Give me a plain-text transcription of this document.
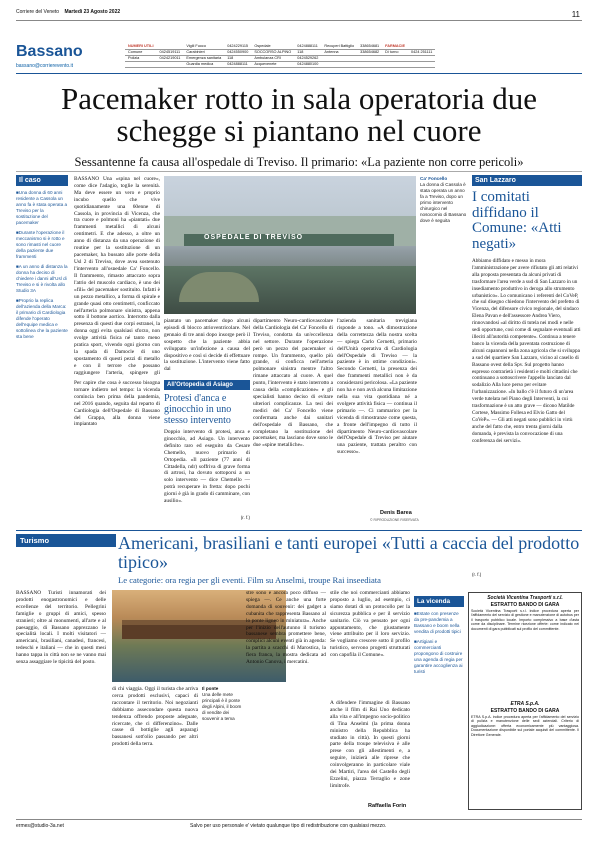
Corriere del Veneto Martedì 23 Agosto 2022	11
Bassano
bassano@corrierevento.it
NUMERI UTILI		Vigili Fuoco	0424229115	Ospedale	0424888111	Recuperi Battiglio	338654681	FARMACIE	
Comune	0424519111	Carabinieri	0424550900	SOCCORSO ALPINO	118	Antenna	338654682	Di turno	0424 251111
Polizia	0424219011	Emergenza sanitaria	118	Ambulanza CRI	0424529262				
		Guardia medica	0424888111	Acquevenete	0424880100				
Pacemaker rotto in sala operatoria due schegge si piantano nel cuore
Sessantenne fa causa all'ospedale di Treviso. Il primario: «La paziente non corre pericoli»
Il caso
■ Una donna di 60 anni residente a Cassola un anno fa è stata operata a Treviso per la sostituzione del pacemaker
■ Durante l'operazione il meccanismo si è rotto e sono rimasti nel cuore della paziente due frammenti
■ A un anno di distanza la donna ha deciso di chiedere i danni all'Usl di Treviso e si è rivolta allo Studio 3A
■ Proprio la replica dell'azienda della Marca: il primario di Cardiologia difende l'operato dell'equipe medica e sottolinea che la paziente sta bene
BASSANO Una «spina nel cuore», come dice l'adagio, toglie la serenità. Ma deve essere un vero e proprio incubo quello che vive quotidianamente una 60enne di Cassola, in provincia di Vicenza, che tra cuore e polmoni ha «piantati» due frammenti metallici di alcuni centimetri. E che adesso, a oltre un anno di distanza da una operazione di routine per la sostituzione di un pacemaker, ha bussato alle porte della Usl 2 di Treviso, dove avea sostenuto l'intervento all'ospedale Ca' Foncello,
Il frammento, rimasto attaccato sopra l'atrio del muscolo cardiaco, è uno dei «fili» del pacemaker sostituito. Infatti è un pezzo metallico, a forma di spirale e grande quasi otto centimetri, conficcato nell'arteria polmonare sinistra, appena sotto il bottone aortico. Interrotto dalla presenza di questi due corpi estranei, la donna oggi evita qualsiasi sforzo, non svolge attività fisica né tanto meno pratica sport, vivendo ogni giorno con la spada di Damocle di uno spostamento di questi pezzi di metallo e con il terrore che possano raggiungere l'arteria, spingere gli
Per capire che cosa è successo bisogna tornare indietro nel tempo: la vicenda comincia ben prima della pandemia, nel 2016 quando, seguita dal reparto di Cardiologia dell'Ospedale di Bassano del Grappa, alla donna viene impiantato
OSPEDALE DI TREVISO
Ca' Foncello
La donna di Cassola è stata operata un anno fa a Treviso, dopo un primo intervento chirurgico nel nosocomio di Bassano dove è seguita
piantato un pacemaker dopo alcuni episodi di blocco atrioventricolare. Nel gennaio di tre anni dopo insorge però il sospetto che la paziente abbia sviluppato un'infezione a causa del dispositivo e così si decide di effettuare la sostituzione. L'intervento viene fatto dal
dipartimento Neuro-cardiovascolare della Cardiologia del Ca' Foncello di Treviso, condotta da un'eccellenza nel settore. Durante l'operazione però un pezzo del pacemaker si rompe. Un frammento, quello più grande, si conficca nell'arteria polmonare sinistra mentre l'altro rimane attaccato al cuore. A quel punto, l'intervento è stato interrotto a causa della «complicazione» e gli specialisti hanno deciso di evitare ulteriori complicanze. La tesi dei medici del Ca' Foncello viene confermata anche dai sanitari dell'ospedale di Bassano, che completano la sostituzione del pacemaker, ma lasciano dove sono le due «spine metalliche».
l'azienda sanitaria trevigiana risponde a tono. «A dimostrazione della correttezza della nostra scelta — spiega Carlo Cernetti, primario dell'Unità operativa di Cardiologia dell'Ospedale di Treviso — la paziente è in ottime condizioni». Secondo Cernetti, la presenza dei due frammenti metallici non è da considerarsi pericolosa. «La paziente non ha e non avrà alcuna limitazione nella sua vita quotidiana né a svolgere attività fisica — continua il primario —. Ci rammarico per la vicenda di rimostranze come questa, a fronte dell'impegno di tutto il dipartimento Neuro-cardiovascolare dell'Ospedale di Treviso per aiutare una paziente, trattata peraltro con successo».
Denis Barea
© RIPRODUZIONE RISERVATA
All'Ortopedia di Asiago
Protesi d'anca e ginocchio in uno stesso intervento
Doppio intervento di protesi, anca e ginocchio, ad Asiago. Un intervento definito raro ed eseguito da Cesare Chemello, nuovo primario di Ortopedia. «Il paziente (77 anni di Cittadella, ndr) soffriva di grave forma di artrosi, ha dovuto sottoporsi a un solo intervento — dice Chemello — potrà recuperare in fretta: dopo pochi giorni è già in grado di camminare, con ausilio».
(r. f.)
San Lazzaro
I comitati diffidano il Comune: «Atti negati»
Abbiamo diffidato e messo in mora l'amministrazione per avere rifiutato gli atti relativi alla proposta presentata da alcuni privati di trasformare l'area verde a sud di San Lazzaro in un insediamento produttivo in deroga allo strumento urbanistico». Lo comunicano i referenti del CoVeP, che sul disegno chiedono l'intervento del prefetto di Vicenza, del difensore civico regionale, del sindaco Elena Pavan e dell'assessore Andrea Viero, rinnovandosi «al diritto di tutela nei modi e nelle sedi opportune, così come di segnalare eventuali atti illeciti all'autorità competente». Continua a tenere banco la vicenda della paventata costruzione di alcuni capannoni nella zona agricola che si sviluppa a sud del quartiere San Lazzaro, vicino al casello di Bassano ovest della Spv. Sul progetto hanno espresso contrarietà i residenti e molti cittadini che continuano a sottoscrivere l'appello lanciato dal sodalizio Alla luce perso per evitare l'urbanizzazione. «In ballo c'è il futuro di un'area verde tutelata nel Piano degli Interventi, la cui trasformazione è un atto grave — dicono Matilde Cortese, Massimo Follesa ed Elvio Gatto del CoVeP». — Gli atti negati sono pubblici in virtù anche del fatto che, entro trenta giorni dalla domanda, è prevista la convocazione di una conferenza dei servizi».
(r. f.)
Turismo	Americani, brasiliani e tanti europei «Tutti a caccia del prodotto tipico»
Le categorie: ora regia per gli eventi. Film su Anselmi, troupe Rai inseediata
BASSANO Turisti innamorati dei prodotti enogastronomici e delle eccellenze del territorio. Pellegrini famiglie o gruppi di amici, spesso stranieri; oltre ai monumenti, all'arte e al paesaggio, di Bassano apprezzano le specialità locali. I molti visitatori — americani, brasiliani, canadesi, francesi, tedeschi e italiani — che in questi mesi hanno tappa in città non se ne vanno mai senza assaggiare le tipicità del posto.
di chi viaggia. Oggi il turista che arriva cerca prodotti esclusivi, capaci di raccontare il territorio. Noi negozianti dobbiamo assecondare questa nuova tendenza offrendo proposte adeguate, ricercate, che ci differenzino». Dalle casse di bottiglie agli asparagi bassanesi sott'olio passando per altri prodotti della terra.
Il ponte
Una delle mete principali è il ponte degli Alpini, il boom di vendite dei souvenir a tema
stre sono e ancora poco diffuso — spiega —. Ce anche una forte domanda di souvenir: dei gadget a cubanita che rappresenta Bassano al lo ponte ligneo in miniatura». Anche per l'inizio dell'autunno il turismo bassanese sembra promettere bene, complici alcuni eventi già in agenda: la partita a scacchi di Marostica, la fiera franca, la mostra dedicata ad Antonio Canova, i mercatini.
stile che noi commercianti abbiamo proposto a luglio, ad esempio, ci siamo dotati di un protocollo per la sicurezza pubblica e per il servizio sanitario. Ciò va pensato per ogni appuntamento, che giustamente viene attribuito per il loro servizio. Se vogliamo crescere sotto il profilo turistico, servono progetti strutturati con capofila il Comune».
A difendere l'immagine di Bassano anche il film di Rai Uno dedicato alla vita e all'impegno socio-politico di Tina Anselmi (la prima donna ministro della Repubblica ha studiato in città). In questi giorni parte della troupe televisiva è alle prese con gli allestimenti e, a seguire, inizierà alle riprese che coinvolgeranno in particolare viale dei Martiri, l'area del Castello degli Ezzelini, piazza Terraglio e zone limitrofe.
Raffaella Forin
La vicenda
■ Estate con presenze da pre-pandemia a Bassano e boom nella vendita di prodotti tipici
■ Artigiani e commercianti propongono di costruire una agenda di regia per garantire accoglienza ai turisti
Società Vicentina Trasporti s.r.l.
ESTRATTO BANDO DI GARA
Società Vicentina Trasporti s.r.l. indice procedura aperta per l'affidamento del servizio di gestione e manutenzione di autobus per il trasporto pubblico locale. Importo complessivo a base d'asta come da disciplinare. Termine ricezione offerte: come indicato nei documenti di gara pubblicati sul profilo del committente.
ETRA S.p.A.
ESTRATTO BANDO DI GARA
ETRA S.p.A. indice procedura aperta per l'affidamento del servizio di pulizia e manutenzione delle sedi aziendali. Criterio di aggiudicazione: offerta economicamente più vantaggiosa. Documentazione disponibile sul portale acquisti del committente. Il Direttore Generale.
ermes@studio-3a.net	Salvo per uso personale e' vietato qualunque tipo di redistribuzione con qualsiasi mezzo.
